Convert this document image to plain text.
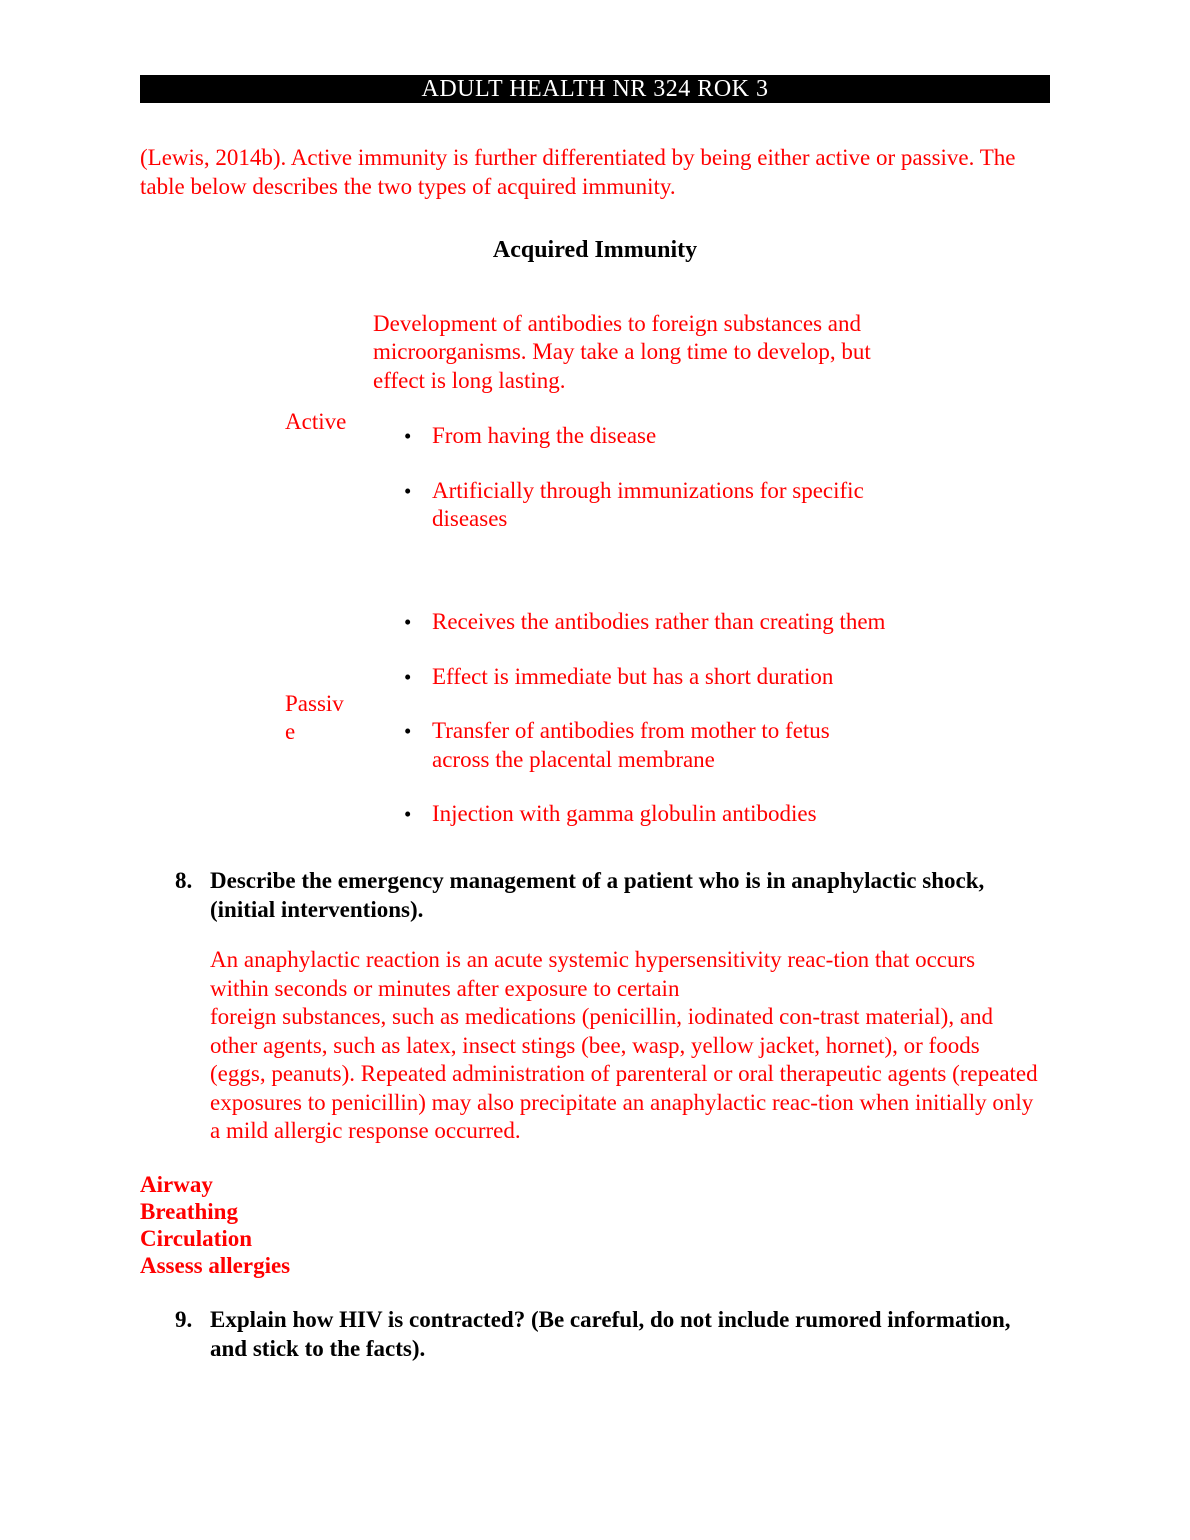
ADULT HEALTH NR 324 ROK 3
(Lewis, 2014b). Active immunity is further differentiated by being either active or passive. The
table below describes the two types of acquired immunity.
Acquired Immunity
Active
Development of antibodies to foreign substances and
microorganisms. May take a long time to develop, but
effect is long lasting.
• From having the disease
• Artificially through immunizations for specific
diseases
Passiv
e
• Receives the antibodies rather than creating them
• Effect is immediate but has a short duration
• Transfer of antibodies from mother to fetus
across the placental membrane
• Injection with gamma globulin antibodies
8. Describe the emergency management of a patient who is in anaphylactic shock,
(initial interventions).
An anaphylactic reaction is an acute systemic hypersensitivity reac-tion that occurs
within seconds or minutes after exposure to certain
foreign substances, such as medications (penicillin, iodinated con-trast material), and
other agents, such as latex, insect stings (bee, wasp, yellow jacket, hornet), or foods
(eggs, peanuts). Repeated administration of parenteral or oral therapeutic agents (repeated
exposures to penicillin) may also precipitate an anaphylactic reac-tion when initially only
a mild allergic response occurred.
Airway
Breathing
Circulation
Assess allergies
9. Explain how HIV is contracted? (Be careful, do not include rumored information,
and stick to the facts).
